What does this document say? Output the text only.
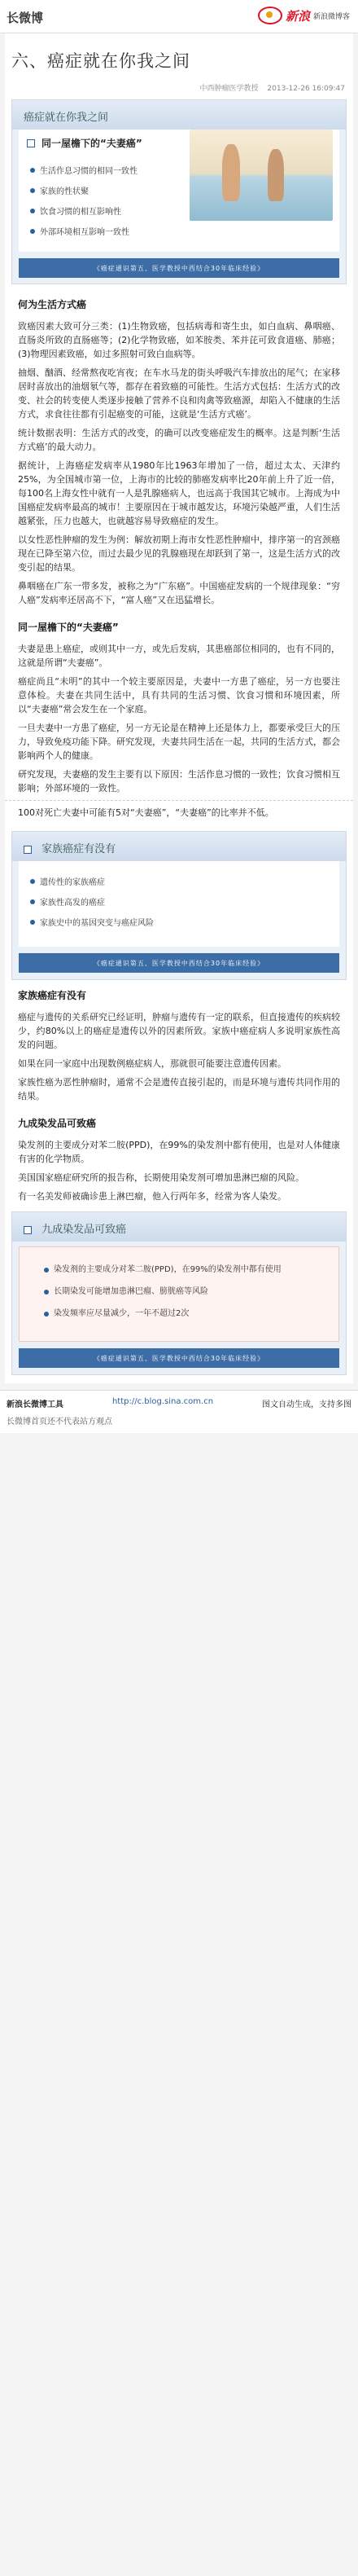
长微博	新浪 新浪微博客
六、癌症就在你我之间
中西肿瘤医学教授 2013-12-26 16:09:47
癌症就在你我之间
同一屋檐下的“夫妻癌”
生活作息习惯的相同一致性
家族的性状聚
饮食习惯的相互影响性
外部环境相互影响一致性
《癌症通识第五、医学教授中西结合30年临床经验》
何为生活方式癌

致癌因素大致可分三类：(1)生物致癌，包括病毒和寄生虫，如白血病、鼻咽癌、直肠炎所致的直肠癌等；(2)化学物致癌，如苯胺类、苯并芘可致食道癌、肺癌；(3)物理因素致癌，如过多照射可致白血病等。

抽烟、酗酒、经常熬夜吃宵夜；在车水马龙的街头呼吸汽车排放出的尾气；在家移居时喜放出的油烟氡气等，都存在着致癌的可能性。生活方式包括：生活方式的改变、社会的转变使人类逐步接触了营养不良和肉禽等致癌源，却陷入不健康的生活方式，求食往往都有引起癌变的可能，这就是‘生活方式癌’。

统计数据表明：生活方式的改变，的确可以改变癌症发生的概率。这是判断‘生活方式癌’的最大动力。

据统计，上海癌症发病率从1980年比1963年增加了一倍，超过太太、天津约25%，为全国城市第一位，上海市的比较的肺癌发病率比20年前上升了近一倍，每100名上海女性中就有一人是乳腺癌病人，也远高于我国其它城市。上海成为中国癌症发病率最高的城市！主要原因在于城市越发达，环境污染越严重，人们生活越紧张，压力也越大，也就越容易导致癌症的发生。

以女性恶性肿瘤的发生为例：解放初期上海市女性恶性肿瘤中，排序第一的宫颈癌现在已降至第六位，而过去最少见的乳腺癌现在却跃到了第一，这是生活方式的改变引起的结果。

鼻咽癌在广东一带多发，被称之为“广东癌”。中国癌症发病的一个规律现象：“穷人癌”发病率还居高不下，“富人癌”又在迅猛增长。

同一屋檐下的“夫妻癌”

夫妻是患上癌症，或则其中一方，或先后发病，其患癌部位相同的，也有不同的，这就是所谓“夫妻癌”。

癌症尚且“未明”的其中一个较主要原因是，夫妻中一方患了癌症，另一方也要注意体检。夫妻在共同生活中，具有共同的生活习惯、饮食习惯和环境因素，所以“夫妻癌”常会发生在一个家庭。

一旦夫妻中一方患了癌症，另一方无论是在精神上还是体力上，都要承受巨大的压力，导致免疫功能下降。研究发现，夫妻共同生活在一起，共同的生活方式，都会影响两个人的健康。

研究发现，夫妻癌的发生主要有以下原因：生活作息习惯的一致性；饮食习惯相互影响；外部环境的一致性。

100对死亡夫妻中可能有5对“夫妻癌”，“夫妻癌”的比率并不低。

家族癌症有没有
遗传性的家族癌症
家族性高发的癌症
家族史中的基因突变与癌症风险
《癌症通识第五、医学教授中西结合30年临床经验》
家族癌症有没有

癌症与遗传的关系研究已经证明，肿瘤与遗传有一定的联系，但直接遗传的疾病较少，约80%以上的癌症是遗传以外的因素所致。家族中癌症病人多说明家族性高发的问题。

如果在同一家庭中出现数例癌症病人，那就很可能要注意遗传因素。

家族性癌为恶性肿瘤时，通常不会是遗传直接引起的，而是环境与遗传共同作用的结果。

九成染发品可致癌

染发剂的主要成分对苯二胺(PPD)，在99%的染发剂中都有使用，也是对人体健康有害的化学物质。

美国国家癌症研究所的报告称，长期使用染发剂可增加患淋巴瘤的风险。

有一名美发师被确诊患上淋巴瘤，他入行两年多，经常为客人染发。

九成染发品可致癌
染发剂的主要成分对苯二胺(PPD)，在99%的染发剂中都有使用
长期染发可能增加患淋巴瘤、膀胱癌等风险
染发频率应尽量减少，一年不超过2次
《癌症通识第五、医学教授中西结合30年临床经验》
新浪长微博工具	http://c.blog.sina.com.cn	图文自动生成，支持多图
长微博首页还不代表站方观点
